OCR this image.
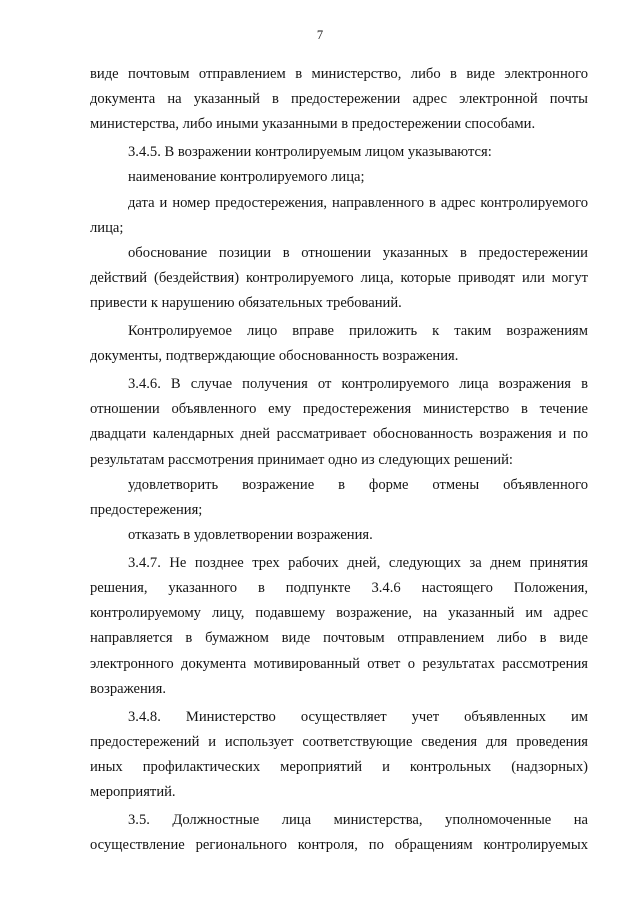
7

виде почтовым отправлением в министерство, либо в виде электронного документа на указанный в предостережении адрес электронной почты министерства, либо иными указанными в предостережении способами.

3.4.5. В возражении контролируемым лицом указываются:

наименование контролируемого лица;

дата и номер предостережения, направленного в адрес контролируемого лица;

обоснование позиции в отношении указанных в предостережении действий (бездействия) контролируемого лица, которые приводят или могут привести к нарушению обязательных требований.

Контролируемое лицо вправе приложить к таким возражениям документы, подтверждающие обоснованность возражения.

3.4.6. В случае получения от контролируемого лица возражения в отношении объявленного ему предостережения министерство в течение двадцати календарных дней рассматривает обоснованность возражения и по результатам рассмотрения принимает одно из следующих решений:

удовлетворить возражение в форме отмены объявленного предостережения;

отказать в удовлетворении возражения.

3.4.7. Не позднее трех рабочих дней, следующих за днем принятия решения, указанного в подпункте 3.4.6 настоящего Положения, контролируемому лицу, подавшему возражение, на указанный им адрес направляется в бумажном виде почтовым отправлением либо в виде электронного документа мотивированный ответ о результатах рассмотрения возражения.

3.4.8. Министерство осуществляет учет объявленных им предостережений и использует соответствующие сведения для проведения иных профилактических мероприятий и контрольных (надзорных) мероприятий.

3.5. Должностные лица министерства, уполномоченные на осуществление регионального контроля, по обращениям контролируемых
